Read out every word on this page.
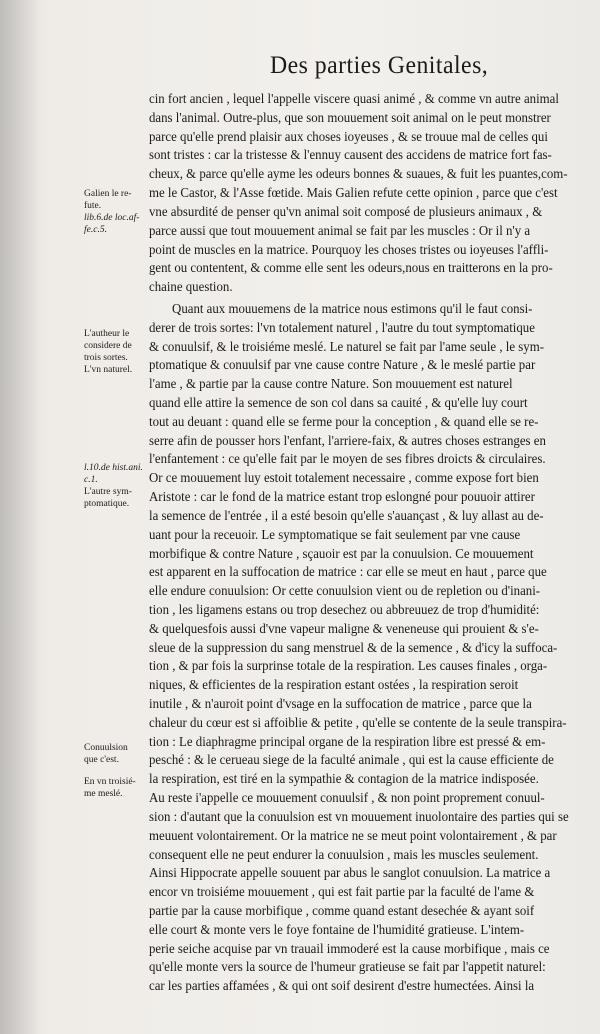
Des parties Genitales,
cin fort ancien , lequel l'appelle viscere quasi animé , & comme vn autre animal
dans l'animal. Outre-plus, que son mouuement soit animal on le peut monstrer
parce qu'elle prend plaisir aux choses ioyeuses , & se trouue mal de celles qui
sont tristes : car la tristesse & l'ennuy causent des accidens de matrice fort fas-
cheux, & parce qu'elle ayme les odeurs bonnes & suaues, & fuit les puantes,com-
me le Castor, & l'Asse fœtide. Mais Galien refute cette opinion , parce que c'est
vne absurdité de penser qu'vn animal soit composé de plusieurs animaux , &
parce aussi que tout mouuement animal se fait par les muscles : Or il n'y a
point de muscles en la matrice. Pourquoy les choses tristes ou ioyeuses l'affli-
gent ou contentent, & comme elle sent les odeurs,nous en traitterons en la pro-
chaine question.
Quant aux mouuemens de la matrice nous estimons qu'il le faut consi-
derer de trois sortes: l'vn totalement naturel , l'autre du tout symptomatique
& conuulsif, & le troisiéme meslé. Le naturel se fait par l'ame seule , le sym-
ptomatique & conuulsif par vne cause contre Nature , & le meslé partie par
l'ame , & partie par la cause contre Nature. Son mouuement est naturel
quand elle attire la semence de son col dans sa cauité , & qu'elle luy court
tout au deuant : quand elle se ferme pour la conception , & quand elle se re-
serre afin de pousser hors l'enfant, l'arriere-faix, & autres choses estranges en
l'enfantement : ce qu'elle fait par le moyen de ses fibres droicts & circulaires.
Or ce mouuement luy estoit totalement necessaire , comme expose fort bien
Aristote : car le fond de la matrice estant trop eslongné pour pouuoir attirer
la semence de l'entrée , il a esté besoin qu'elle s'auançast , & luy allast au de-
uant pour la receuoir. Le symptomatique se fait seulement par vne cause
morbifique & contre Nature , sçauoir est par la conuulsion. Ce mouuement
est apparent en la suffocation de matrice : car elle se meut en haut , parce que
elle endure conuulsion: Or cette conuulsion vient ou de repletion ou d'inani-
tion , les ligamens estans ou trop desechez ou abbreuuez de trop d'humidité:
& quelquesfois aussi d'vne vapeur maligne & veneneuse qui prouient & s'e-
sleue de la suppression du sang menstruel & de la semence , & d'icy la suffoca-
tion , & par fois la surprinse totale de la respiration. Les causes finales , orga-
niques, & efficientes de la respiration estant ostées , la respiration seroit
inutile , & n'auroit point d'vsage en la suffocation de matrice , parce que la
chaleur du cœur est si affoiblie & petite , qu'elle se contente de la seule transpira-
tion : Le diaphragme principal organe de la respiration libre est pressé & em-
pesché : & le cerueau siege de la faculté animale , qui est la cause efficiente de
la respiration, est tiré en la sympathie & contagion de la matrice indisposée.
Au reste i'appelle ce mouuement conuulsif , & non point proprement conuul-
sion : d'autant que la conuulsion est vn mouuement inuolontaire des parties qui se
meuuent volontairement. Or la matrice ne se meut point volontairement , & par
consequent elle ne peut endurer la conuulsion , mais les muscles seulement.
Ainsi Hippocrate appelle souuent par abus le sanglot conuulsion. La matrice a
encor vn troisiéme mouuement , qui est fait partie par la faculté de l'ame &
partie par la cause morbifique , comme quand estant desechée & ayant soif
elle court & monte vers le foye fontaine de l'humidité gratieuse. L'intem-
perie seiche acquise par vn trauail immoderé est la cause morbifique , mais ce
qu'elle monte vers la source de l'humeur gratieuse se fait par l'appetit naturel:
car les parties affamées , & qui ont soif desirent d'estre humectées. Ainsi la
Galien le re-
fute.
lib.6.de loc.af-
fe.c.5.
L'autheur le
considere de
trois sortes.
L'vn naturel.
l.10.de hist.ani.
c.1.
L'autre sym-
ptomatique.
Conuulsion
que c'est.
En vn troisié-
me meslé.
